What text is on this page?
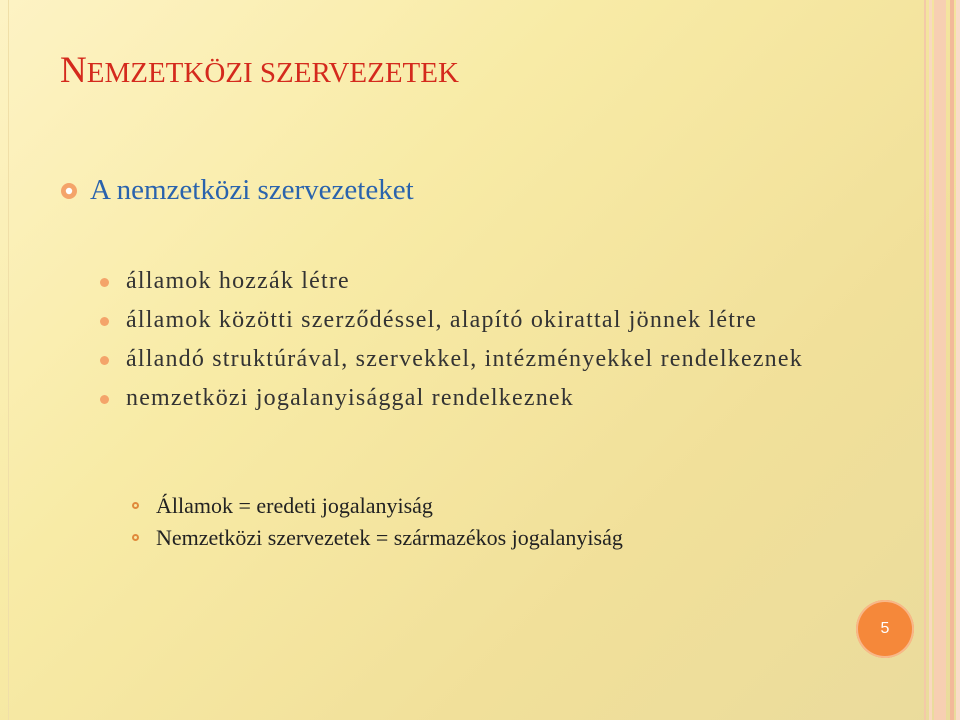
NEMZETKÖZI SZERVEZETEK
A nemzetközi szervezeteket
államok hozzák létre
államok közötti szerződéssel, alapító okirattal jönnek létre
állandó struktúrával, szervekkel, intézményekkel rendelkeznek
nemzetközi jogalanyisággal rendelkeznek
Államok = eredeti jogalanyiság
Nemzetközi szervezetek = származékos jogalanyiság
5
